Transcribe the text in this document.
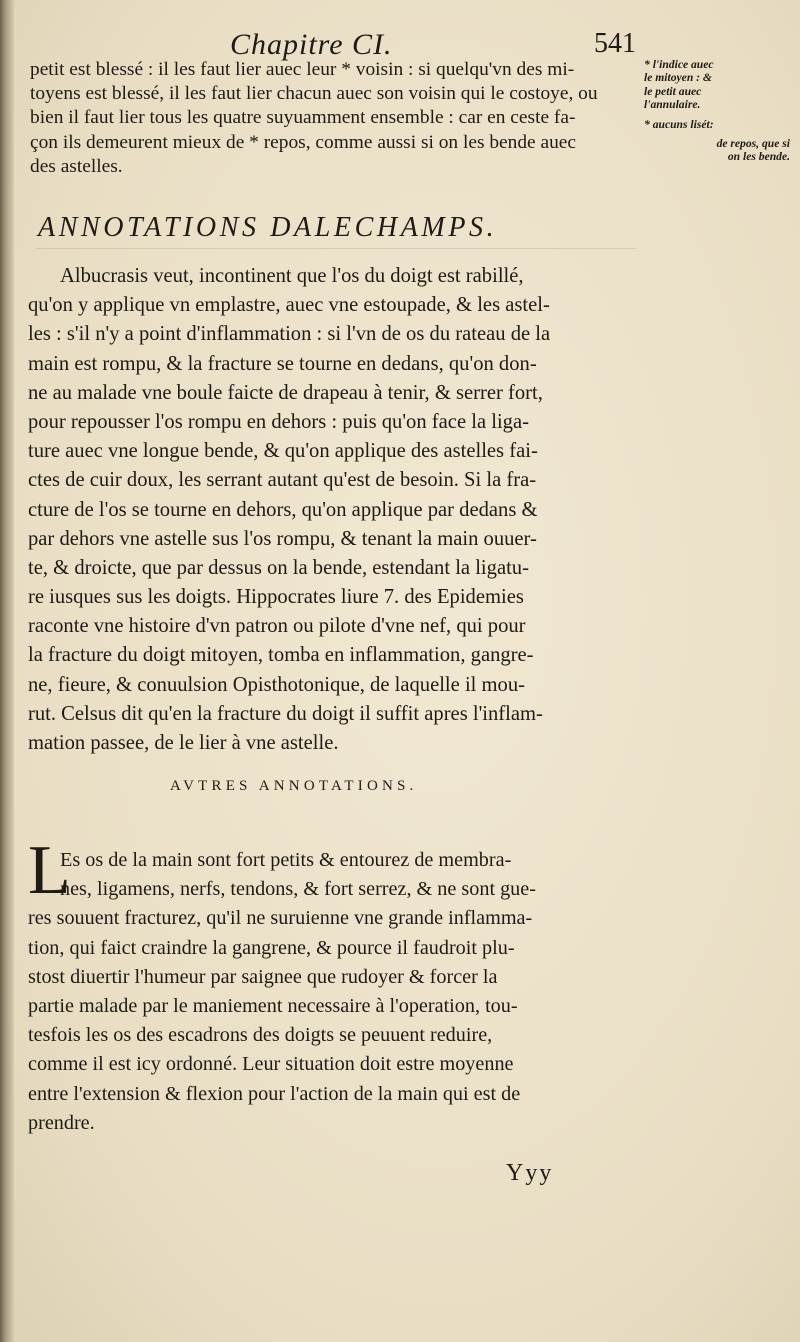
Chapitre CI.	541
petit est blessé : il les faut lier auec leur * voisin : si quelqu'vn des mi-
toyens est blessé, il les faut lier chacun auec son voisin qui le costoye, ou
bien il faut lier tous les quatre suyuamment ensemble : car en ceste fa-
çon ils demeurent mieux de * repos, comme aussi si on les bende auec
des astelles.
* l'indice auec
le mitoyen : &
le petit auec
l'annulaire.
* aucuns lisét:
de repos, que si
on les bende.
ANNOTATIONS DALECHAMPS.
Albucrasis veut, incontinent que l'os du doigt est rabillé,
qu'on y applique vn emplastre, auec vne estoupade, & les astel-
les : s'il n'y a point d'inflammation : si l'vn de os du rateau de la
main est rompu, & la fracture se tourne en dedans, qu'on don-
ne au malade vne boule faicte de drapeau à tenir, & serrer fort,
pour repousser l'os rompu en dehors : puis qu'on face la liga-
ture auec vne longue bende, & qu'on applique des astelles fai-
ctes de cuir doux, les serrant autant qu'est de besoin. Si la fra-
cture de l'os se tourne en dehors, qu'on applique par dedans &
par dehors vne astelle sus l'os rompu, & tenant la main ouuer-
te, & droicte, que par dessus on la bende, estendant la ligatu-
re iusques sus les doigts. Hippocrates liure 7. des Epidemies
raconte vne histoire d'vn patron ou pilote d'vne nef, qui pour
la fracture du doigt mitoyen, tomba en inflammation, gangre-
ne, fieure, & conuulsion Opisthotonique, de laquelle il mou-
rut. Celsus dit qu'en la fracture du doigt il suffit apres l'inflam-
mation passee, de le lier à vne astelle.
AVTRES ANNOTATIONS.
L
Es os de la main sont fort petits & entourez de membra-
nes, ligamens, nerfs, tendons, & fort serrez, & ne sont gue-
res souuent fracturez, qu'il ne suruienne vne grande inflamma-
tion, qui faict craindre la gangrene, & pource il faudroit plu-
stost diuertir l'humeur par saignee que rudoyer & forcer la
partie malade par le maniement necessaire à l'operation, tou-
tesfois les os des escadrons des doigts se peuuent reduire,
comme il est icy ordonné. Leur situation doit estre moyenne
entre l'extension & flexion pour l'action de la main qui est de
prendre.
Yyy
